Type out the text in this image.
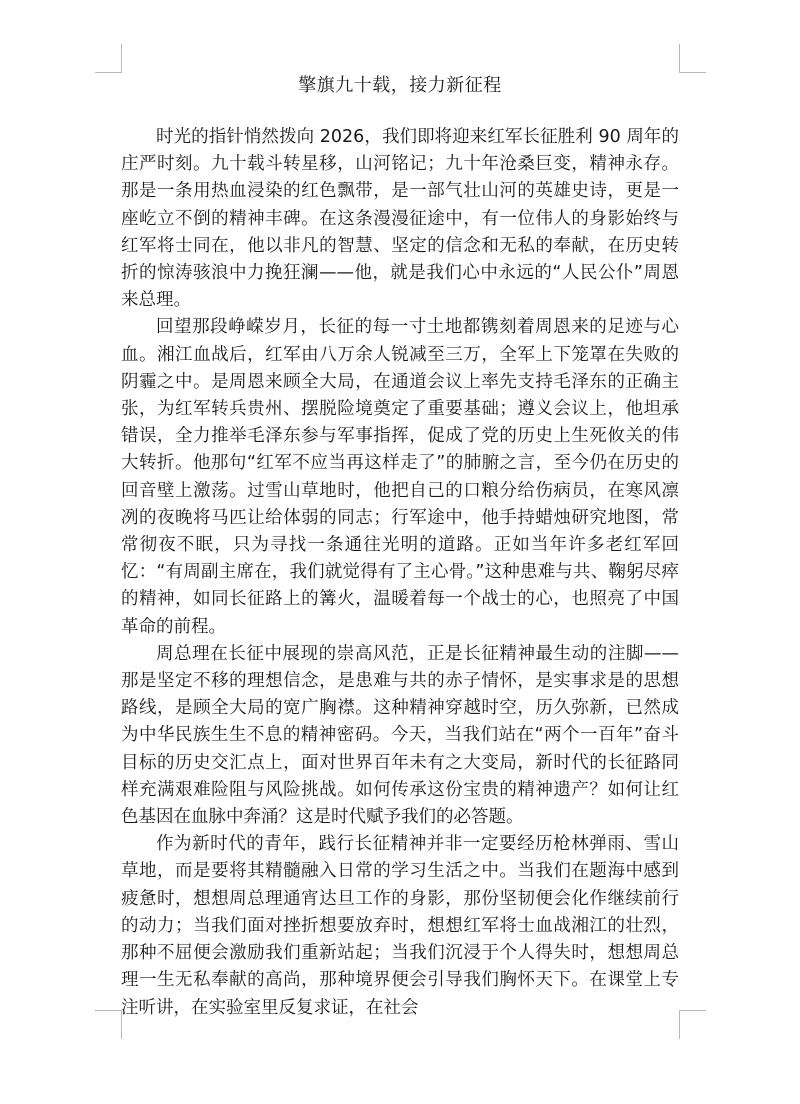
擎旗九十载，接力新征程

时光的指针悄然拨向 2026，我们即将迎来红军长征胜利 90 周年的庄严时刻。九十载斗转星移，山河铭记；九十年沧桑巨变，精神永存。那是一条用热血浸染的红色飘带，是一部气壮山河的英雄史诗，更是一座屹立不倒的精神丰碑。在这条漫漫征途中，有一位伟人的身影始终与红军将士同在，他以非凡的智慧、坚定的信念和无私的奉献，在历史转折的惊涛骇浪中力挽狂澜——他，就是我们心中永远的“人民公仆”周恩来总理。

回望那段峥嵘岁月，长征的每一寸土地都镌刻着周恩来的足迹与心血。湘江血战后，红军由八万余人锐减至三万，全军上下笼罩在失败的阴霾之中。是周恩来顾全大局，在通道会议上率先支持毛泽东的正确主张，为红军转兵贵州、摆脱险境奠定了重要基础；遵义会议上，他坦承错误，全力推举毛泽东参与军事指挥，促成了党的历史上生死攸关的伟大转折。他那句“红军不应当再这样走了”的肺腑之言，至今仍在历史的回音壁上激荡。过雪山草地时，他把自己的口粮分给伤病员，在寒风凛冽的夜晚将马匹让给体弱的同志；行军途中，他手持蜡烛研究地图，常常彻夜不眠，只为寻找一条通往光明的道路。正如当年许多老红军回忆：“有周副主席在，我们就觉得有了主心骨。”这种患难与共、鞠躬尽瘁的精神，如同长征路上的篝火，温暖着每一个战士的心，也照亮了中国革命的前程。

周总理在长征中展现的崇高风范，正是长征精神最生动的注脚——那是坚定不移的理想信念，是患难与共的赤子情怀，是实事求是的思想路线，是顾全大局的宽广胸襟。这种精神穿越时空，历久弥新，已然成为中华民族生生不息的精神密码。今天，当我们站在“两个一百年”奋斗目标的历史交汇点上，面对世界百年未有之大变局，新时代的长征路同样充满艰难险阻与风险挑战。如何传承这份宝贵的精神遗产？如何让红色基因在血脉中奔涌？这是时代赋予我们的必答题。

作为新时代的青年，践行长征精神并非一定要经历枪林弹雨、雪山草地，而是要将其精髓融入日常的学习生活之中。当我们在题海中感到疲惫时，想想周总理通宵达旦工作的身影，那份坚韧便会化作继续前行的动力；当我们面对挫折想要放弃时，想想红军将士血战湘江的壮烈，那种不屈便会激励我们重新站起；当我们沉浸于个人得失时，想想周总理一生无私奉献的高尚，那种境界便会引导我们胸怀天下。在课堂上专注听讲，在实验室里反复求证，在社会
